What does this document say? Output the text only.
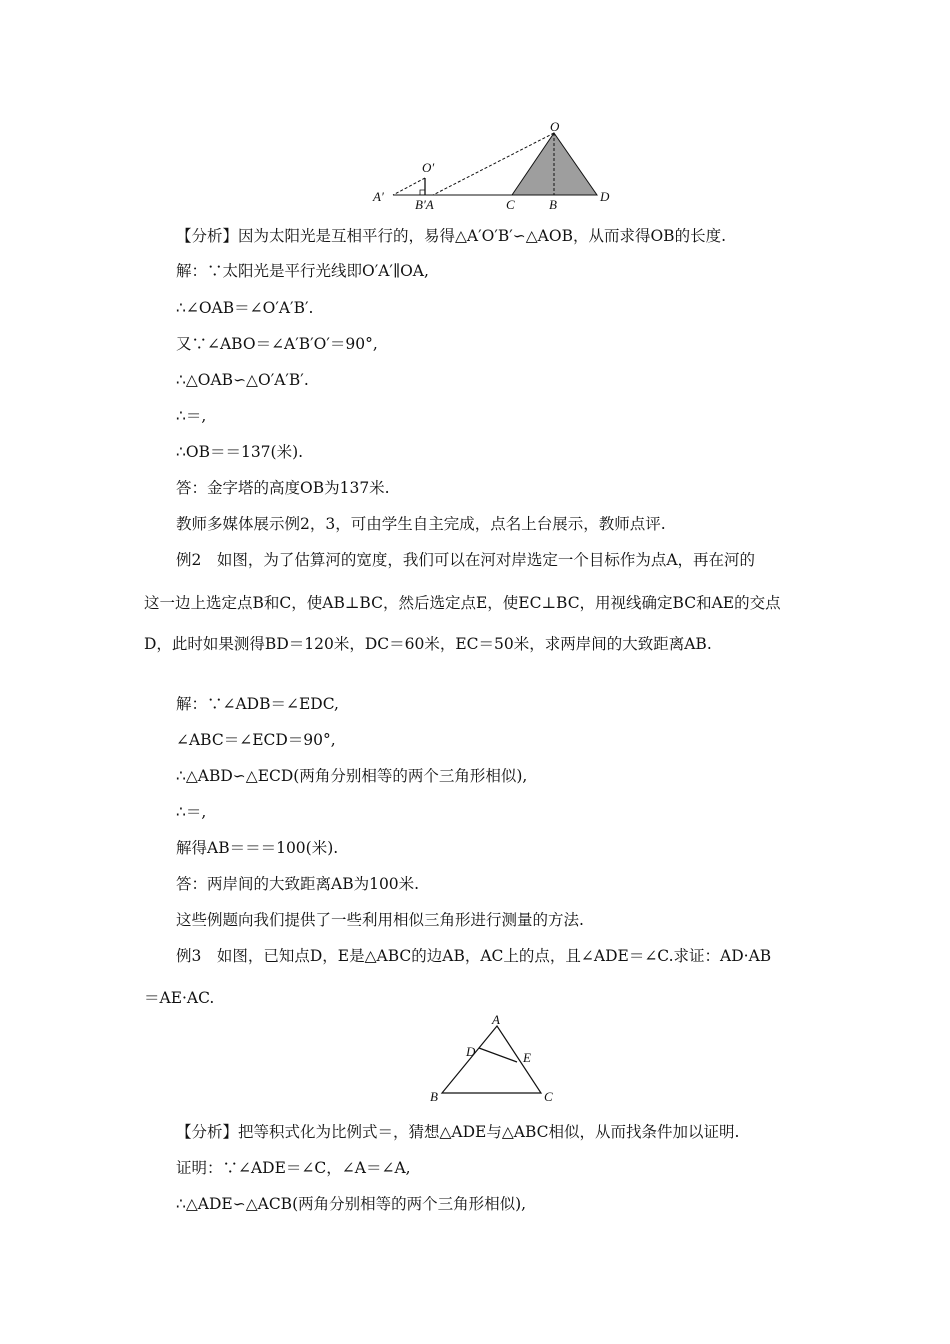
O
O′
A′
B′A	C	B
D
【分析】因为太阳光是互相平行的，易得△A′O′B′∽△AOB，从而求得OB的长度.
解：∵太阳光是平行光线即O′A′∥OA,
∴∠OAB＝∠O′A′B′.
又∵∠ABO＝∠A′B′O′＝90°,
∴△OAB∽△O′A′B′.
∴＝,
∴OB＝＝137(米).
答：金字塔的高度OB为137米.
教师多媒体展示例2，3，可由学生自主完成，点名上台展示，教师点评.
例2　如图，为了估算河的宽度，我们可以在河对岸选定一个目标作为点A，再在河的
这一边上选定点B和C，使AB⊥BC，然后选定点E，使EC⊥BC，用视线确定BC和AE的交点
D，此时如果测得BD＝120米，DC＝60米，EC＝50米，求两岸间的大致距离AB.
解：∵∠ADB＝∠EDC,
∠ABC＝∠ECD＝90°,
∴△ABD∽△ECD(两角分别相等的两个三角形相似),
∴＝,
解得AB＝＝＝100(米).
答：两岸间的大致距离AB为100米.
这些例题向我们提供了一些利用相似三角形进行测量的方法.
例3　如图，已知点D，E是△ABC的边AB，AC上的点，且∠ADE＝∠C.求证：AD·AB
＝AE·AC.
A
D	E
B	C
【分析】把等积式化为比例式＝，猜想△ADE与△ABC相似，从而找条件加以证明.
证明：∵∠ADE＝∠C，∠A＝∠A,
∴△ADE∽△ACB(两角分别相等的两个三角形相似),
